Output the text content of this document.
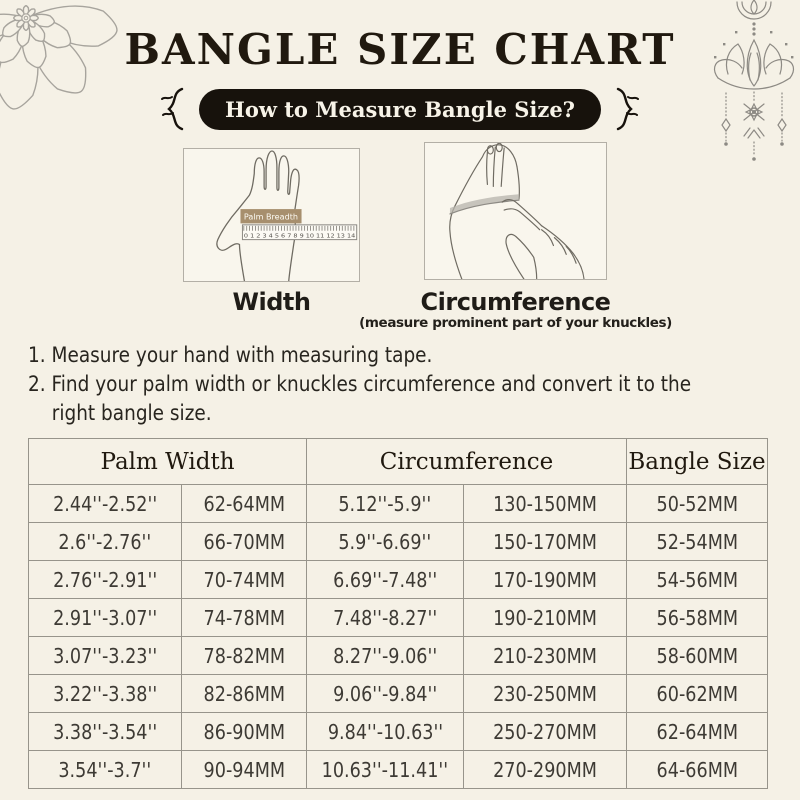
BANGLE SIZE CHART
How to Measure Bangle Size?
0 1 2 3 4 5 6 7 8 9 10 11 12 13 14
Palm Breadth
Width	Circumference
(measure prominent part of your knuckles)
1. Measure your hand with measuring tape.
2. Find your palm width or knuckles circumference and convert it to the
right bangle size.
Palm Width		Circumference		Bangle Size
2.44''-2.52''	62-64MM	5.12''-5.9''	130-150MM	50-52MM
2.6''-2.76''	66-70MM	5.9''-6.69''	150-170MM	52-54MM
2.76''-2.91''	70-74MM	6.69''-7.48''	170-190MM	54-56MM
2.91''-3.07''	74-78MM	7.48''-8.27''	190-210MM	56-58MM
3.07''-3.23''	78-82MM	8.27''-9.06''	210-230MM	58-60MM
3.22''-3.38''	82-86MM	9.06''-9.84''	230-250MM	60-62MM
3.38''-3.54''	86-90MM	9.84''-10.63''	250-270MM	62-64MM
3.54''-3.7''	90-94MM	10.63''-11.41''	270-290MM	64-66MM
